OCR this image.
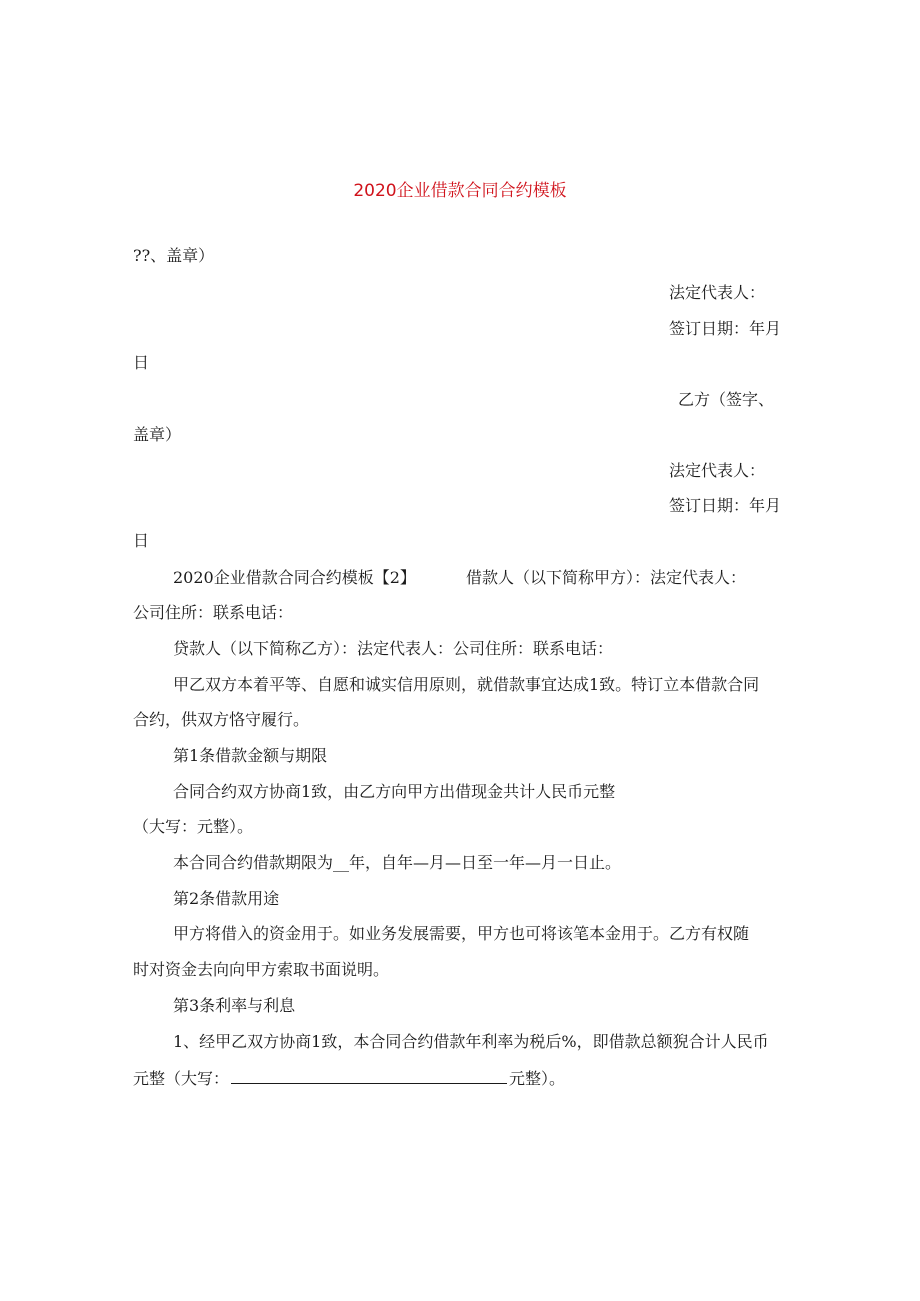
2020企业借款合同合约模板
??、盖章）
法定代表人：
签订日期：年月
日
乙方（签字、
盖章）
法定代表人：
签订日期：年月
日
2020企业借款合同合约模板【2】	借款人（以下简称甲方）：法定代表人：
公司住所：联系电话：
贷款人（以下简称乙方）：法定代表人：公司住所：联系电话：
甲乙双方本着平等、自愿和诚实信用原则，就借款事宜达成1致。特订立本借款合同
合约，供双方恪守履行。
第1条借款金额与期限
合同合约双方协商1致，由乙方向甲方出借现金共计人民币元整
（大写：元整）。
本合同合约借款期限为__年，自年—月—日至一年—月一日止。
第2条借款用途
甲方将借入的资金用于。如业务发展需要，甲方也可将该笔本金用于。乙方有权随
时对资金去向向甲方索取书面说明。
第3条利率与利息
1、经甲乙双方协商1致，本合同合约借款年利率为税后%，即借款总额猊合计人民币
元整（大写：	元整）。
